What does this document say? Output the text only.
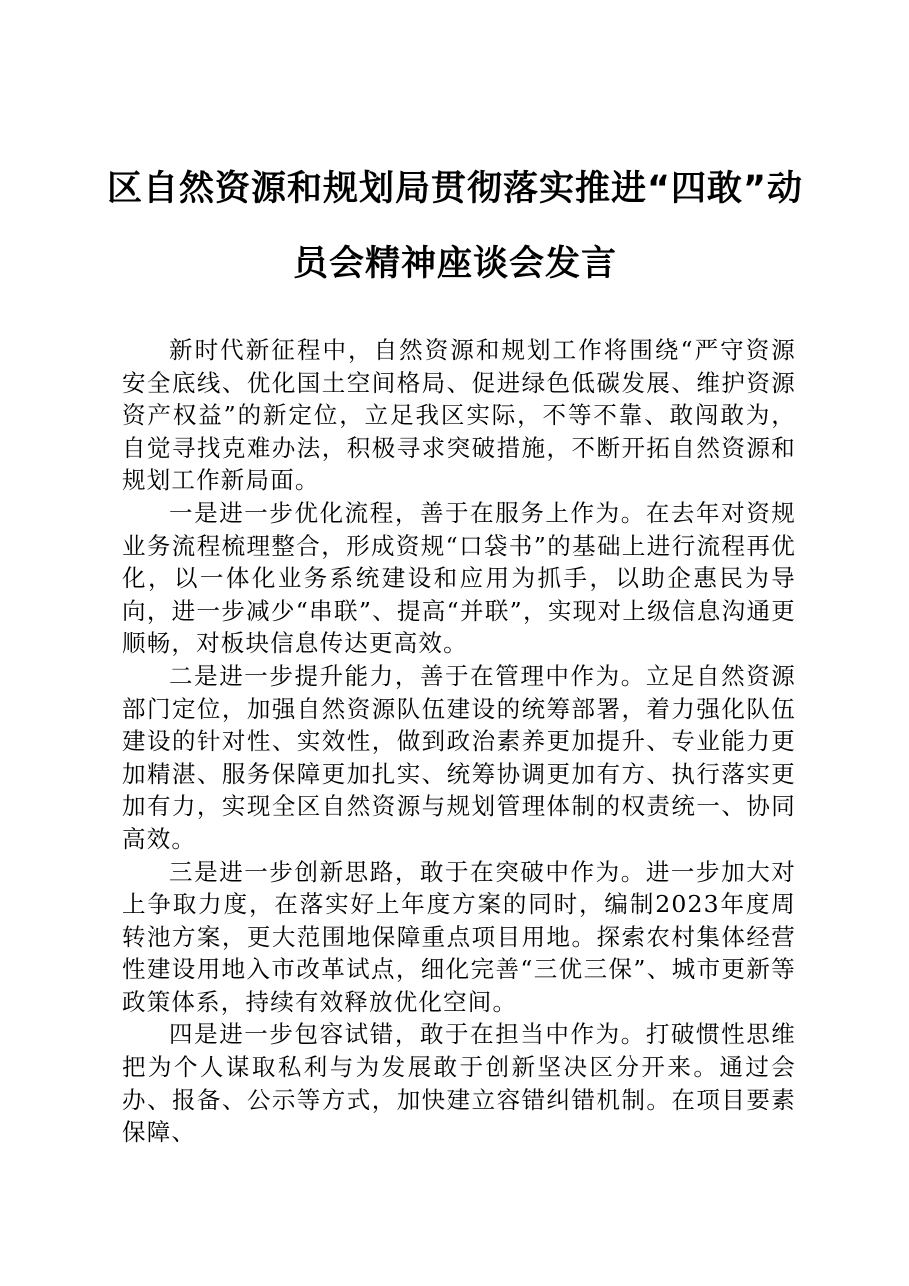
区自然资源和规划局贯彻落实推进“四敢”动员会精神座谈会发言

新时代新征程中，自然资源和规划工作将围绕“严守资源安全底线、优化国土空间格局、促进绿色低碳发展、维护资源资产权益”的新定位，立足我区实际，不等不靠、敢闯敢为，自觉寻找克难办法，积极寻求突破措施，不断开拓自然资源和规划工作新局面。

一是进一步优化流程，善于在服务上作为。在去年对资规业务流程梳理整合，形成资规“口袋书”的基础上进行流程再优化，以一体化业务系统建设和应用为抓手，以助企惠民为导向，进一步减少“串联”、提高“并联”，实现对上级信息沟通更顺畅，对板块信息传达更高效。

二是进一步提升能力，善于在管理中作为。立足自然资源部门定位，加强自然资源队伍建设的统筹部署，着力强化队伍建设的针对性、实效性，做到政治素养更加提升、专业能力更加精湛、服务保障更加扎实、统筹协调更加有方、执行落实更加有力，实现全区自然资源与规划管理体制的权责统一、协同高效。

三是进一步创新思路，敢于在突破中作为。进一步加大对上争取力度，在落实好上年度方案的同时，编制2023年度周转池方案，更大范围地保障重点项目用地。探索农村集体经营性建设用地入市改革试点，细化完善“三优三保”、城市更新等政策体系，持续有效释放优化空间。

四是进一步包容试错，敢于在担当中作为。打破惯性思维把为个人谋取私利与为发展敢于创新坚决区分开来。通过会办、报备、公示等方式，加快建立容错纠错机制。在项目要素保障、
